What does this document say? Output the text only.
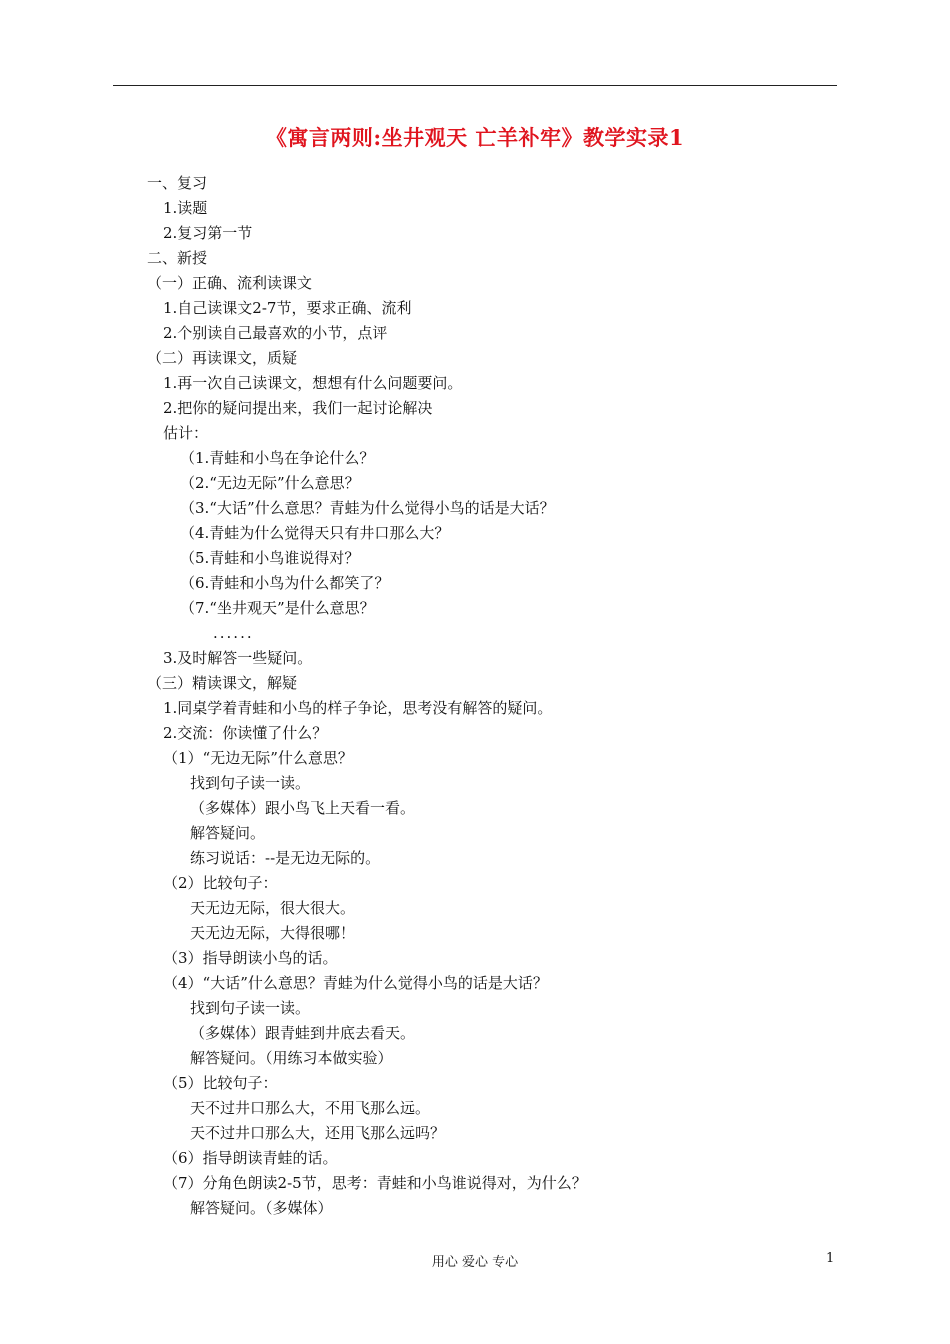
《寓言两则:坐井观天 亡羊补牢》教学实录1
一、复习
1.读题
2.复习第一节
二、新授
（一）正确、流利读课文
1.自己读课文2-7节，要求正确、流利
2.个别读自己最喜欢的小节，点评
（二）再读课文，质疑
1.再一次自己读课文，想想有什么问题要问。
2.把你的疑问提出来，我们一起讨论解决
估计：
（1.青蛙和小鸟在争论什么？
（2.“无边无际”什么意思？
（3.“大话”什么意思？青蛙为什么觉得小鸟的话是大话？
（4.青蛙为什么觉得天只有井口那么大？
（5.青蛙和小鸟谁说得对？
（6.青蛙和小鸟为什么都笑了？
（7.“坐井观天”是什么意思？
......
3.及时解答一些疑问。
（三）精读课文，解疑
1.同桌学着青蛙和小鸟的样子争论，思考没有解答的疑问。
2.交流：你读懂了什么？
（1）“无边无际”什么意思？
找到句子读一读。
（多媒体）跟小鸟飞上天看一看。
解答疑问。
练习说话：--是无边无际的。
（2）比较句子：
天无边无际，很大很大。
天无边无际，大得很哪！
（3）指导朗读小鸟的话。
（4）“大话”什么意思？青蛙为什么觉得小鸟的话是大话？
找到句子读一读。
（多媒体）跟青蛙到井底去看天。
解答疑问。（用练习本做实验）
（5）比较句子：
天不过井口那么大，不用飞那么远。
天不过井口那么大，还用飞那么远吗？
（6）指导朗读青蛙的话。
（7）分角色朗读2-5节，思考：青蛙和小鸟谁说得对，为什么？
解答疑问。（多媒体）
用心 爱心 专心	1
